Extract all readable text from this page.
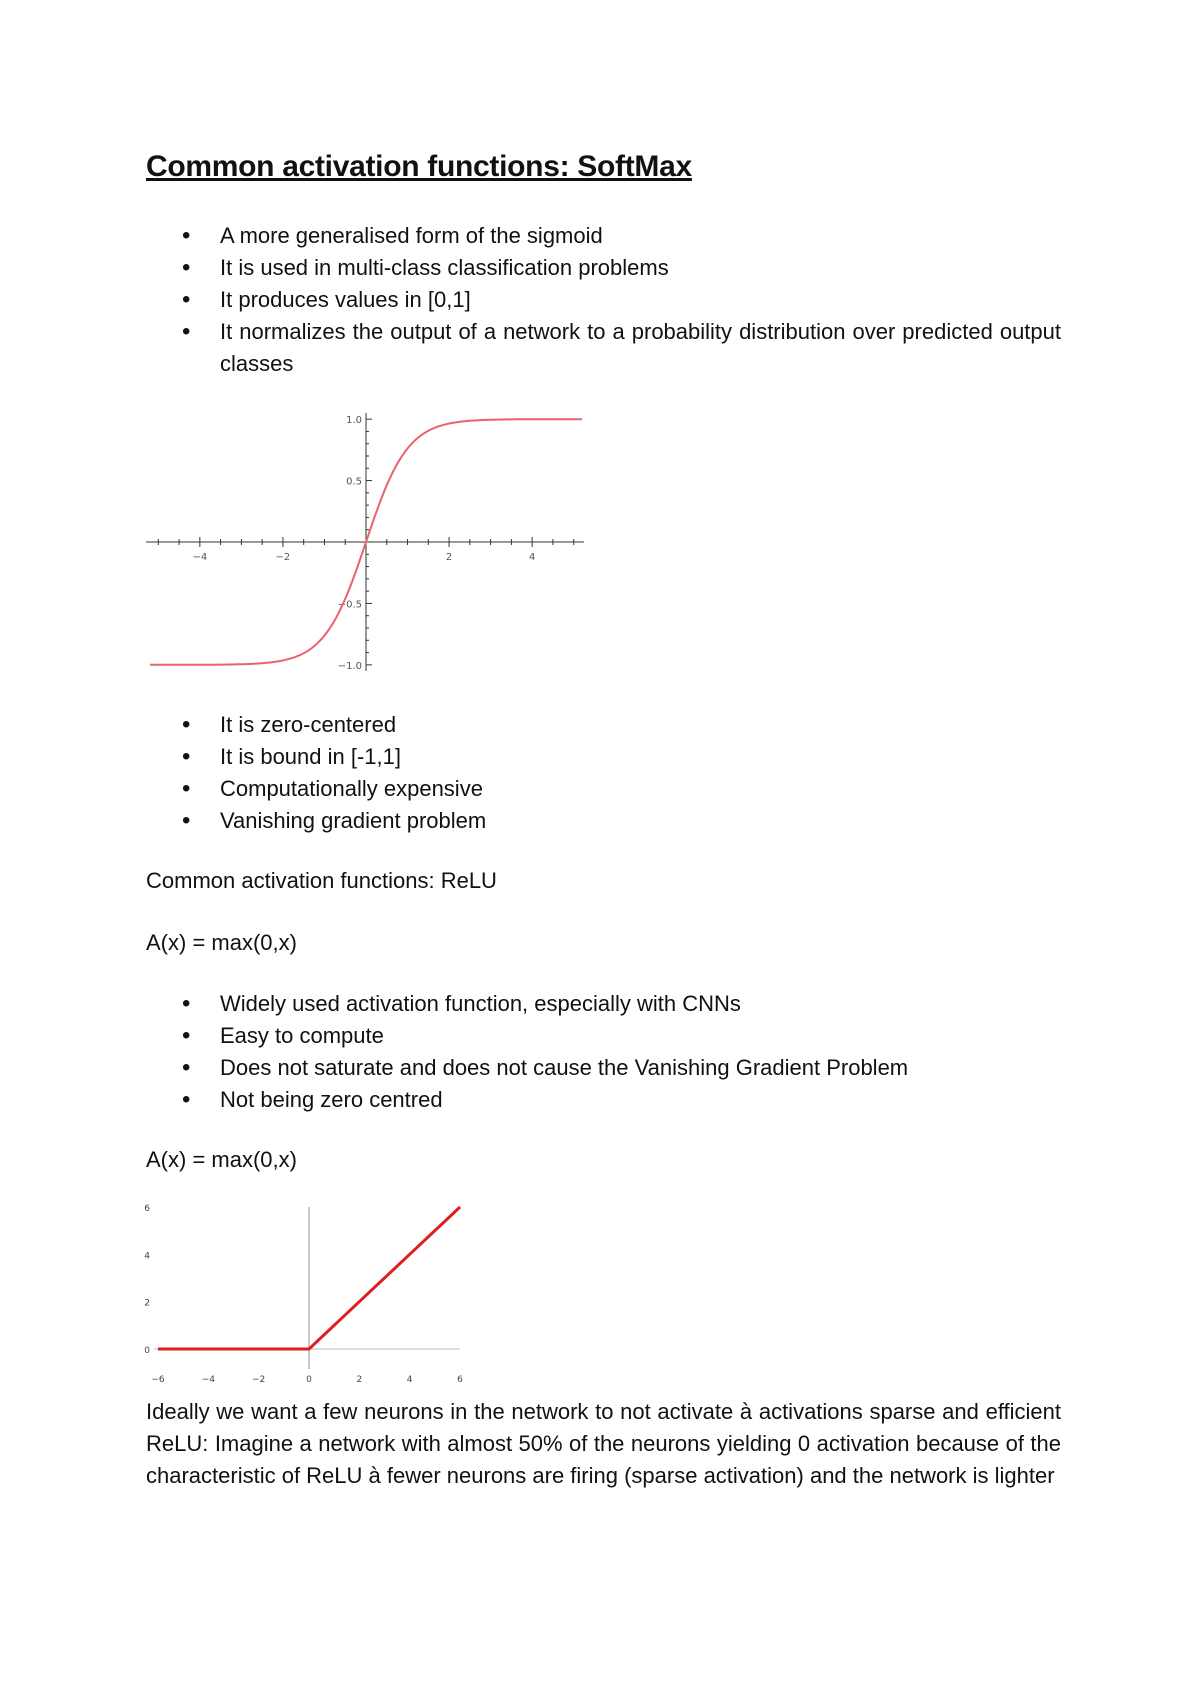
Common activation functions: SoftMax
• A more generalised form of the sigmoid
• It is used in multi-class classification problems
• It produces values in [0,1]
• It normalizes the output of a network to a probability distribution over predicted output classes
−4	−2	2	4
1.0
0.5
−0.5
−1.0
• It is zero-centered
• It is bound in [-1,1]
• Computationally expensive
• Vanishing gradient problem
Common activation functions: ReLU
A(x) = max(0,x)
• Widely used activation function, especially with CNNs
• Easy to compute
• Does not saturate and does not cause the Vanishing Gradient Problem
• Not being zero centred
A(x) = max(0,x)
6
4
2
0
−6	−4	−2	0	2	4	6
Ideally we want a few neurons in the network to not activate à activations sparse and efficient ReLU: Imagine a network with almost 50% of the neurons yielding 0 activation because of the characteristic of ReLU à fewer neurons are firing (sparse activation) and the network is lighter
